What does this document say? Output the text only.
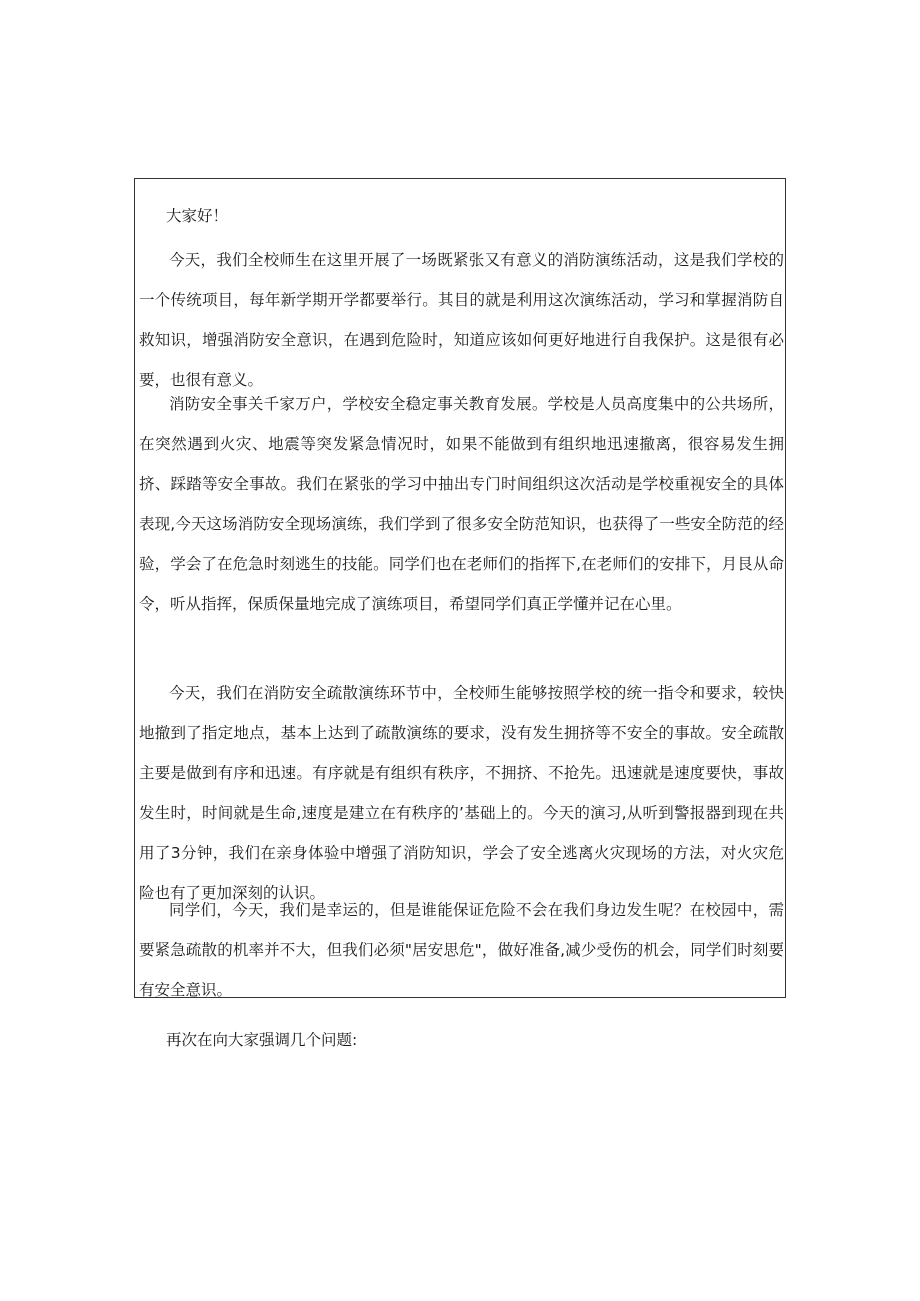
大家好！

今天，我们全校师生在这里开展了一场既紧张又有意义的消防演练活动，这是我们学校的一个传统项目，每年新学期开学都要举行。其目的就是利用这次演练活动，学习和掌握消防自救知识，增强消防安全意识，在遇到危险时，知道应该如何更好地进行自我保护。这是很有必要，也很有意义。

消防安全事关千家万户，学校安全稳定事关教育发展。学校是人员高度集中的公共场所，在突然遇到火灾、地震等突发紧急情况时，如果不能做到有组织地迅速撤离，很容易发生拥挤、踩踏等安全事故。我们在紧张的学习中抽出专门时间组织这次活动是学校重视安全的具体表现,今天这场消防安全现场演练，我们学到了很多安全防范知识，也获得了一些安全防范的经验，学会了在危急时刻逃生的技能。同学们也在老师们的指挥下,在老师们的安排下，月艮从命令，听从指挥，保质保量地完成了演练项目，希望同学们真正学懂并记在心里。

今天，我们在消防安全疏散演练环节中，全校师生能够按照学校的统一指令和要求，较快地撤到了指定地点，基本上达到了疏散演练的要求，没有发生拥挤等不安全的事故。安全疏散主要是做到有序和迅速。有序就是有组织有秩序，不拥挤、不抢先。迅速就是速度要快，事故发生时，时间就是生命,速度是建立在有秩序的’基础上的。今天的演习,从听到警报器到现在共用了3分钟，我们在亲身体验中增强了消防知识，学会了安全逃离火灾现场的方法，对火灾危险也有了更加深刻的认识。

同学们，今天，我们是幸运的，但是谁能保证危险不会在我们身边发生呢？在校园中，需要紧急疏散的机率并不大，但我们必须"居安思危"，做好准备,减少受伤的机会，同学们时刻要有安全意识。

再次在向大家强调几个问题:
